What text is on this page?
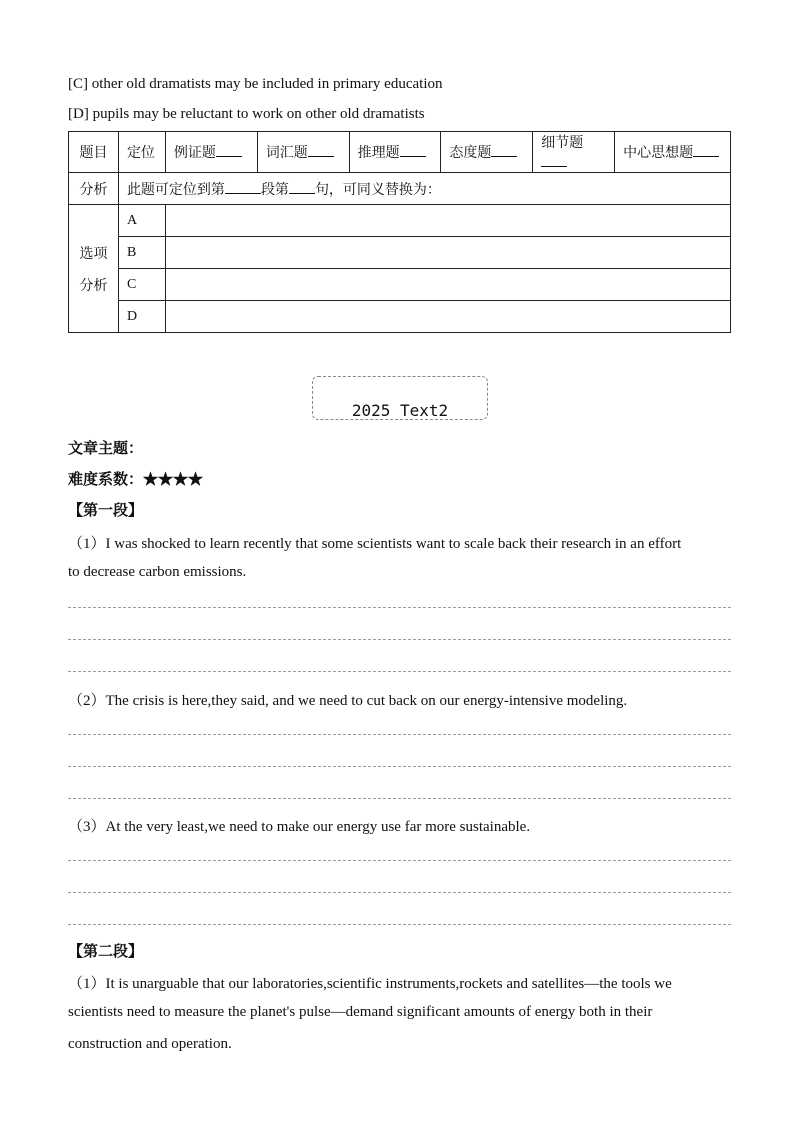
[C] other old dramatists may be included in primary education
[D] pupils may be reluctant to work on other old dramatists
题目	定位	例证题	词汇题	推理题	态度题	细节题	中心思想题
分析	此题可定位到第 段第 句，可同义替换为：						

选项
分析	A						
	B						
	C						
	D						
2025 Text2
文章主题：
难度系数：★★★★
【第一段】
（1）I was shocked to learn recently that some scientists want to scale back their research in an effort
to decrease carbon emissions.
（2）The crisis is here,they said, and we need to cut back on our energy-intensive modeling.
（3）At the very least,we need to make our energy use far more sustainable.
【第二段】
（1）It is unarguable that our laboratories,scientific instruments,rockets and satellites—the tools we
scientists need to measure the planet's pulse—demand significant amounts of energy both in their
construction and operation.
